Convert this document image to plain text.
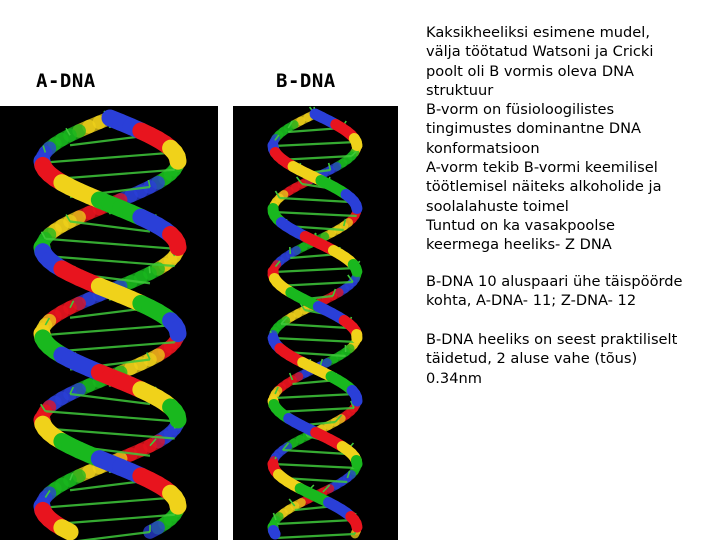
A-DNA	B-DNA
Kaksikheeliksi esimene mudel,
välja töötatud Watsoni ja Cricki
poolt oli B vormis oleva DNA
struktuur
B-vorm on füsioloogilistes
tingimustes dominantne DNA
konformatsioon
A-vorm tekib B-vormi keemilisel
töötlemisel näiteks alkoholide ja
soolalahuste toimel
Tuntud on ka vasakpoolse
keermega heeliks- Z DNA
B-DNA 10 aluspaari ühe täispöörde
kohta, A-DNA- 11; Z-DNA- 12
B-DNA heeliks on seest praktiliselt
täidetud, 2 aluse vahe (tõus)
0.34nm
